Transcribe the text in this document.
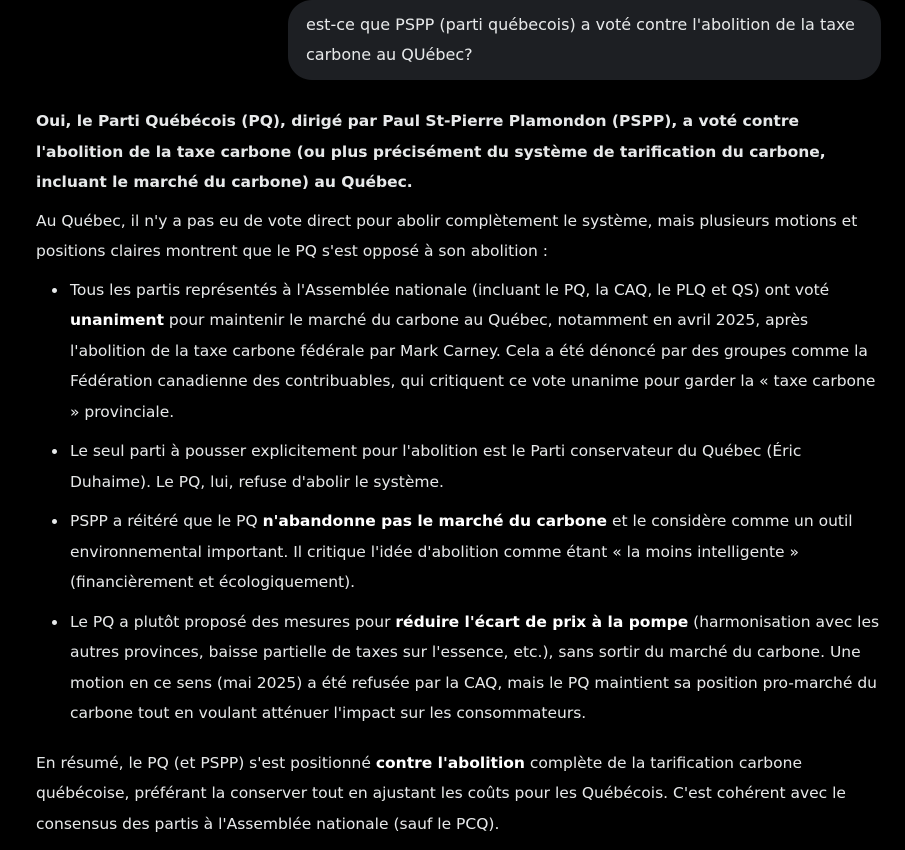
est-ce que PSPP (parti québecois) a voté contre l'abolition de la taxe carbone au QUébec?

Oui, le Parti Québécois (PQ), dirigé par Paul St-Pierre Plamondon (PSPP), a voté contre l'abolition de la taxe carbone (ou plus précisément du système de tarification du carbone, incluant le marché du carbone) au Québec.

Au Québec, il n'y a pas eu de vote direct pour abolir complètement le système, mais plusieurs motions et positions claires montrent que le PQ s'est opposé à son abolition :

Tous les partis représentés à l'Assemblée nationale (incluant le PQ, la CAQ, le PLQ et QS) ont voté unaniment pour maintenir le marché du carbone au Québec, notamment en avril 2025, après l'abolition de la taxe carbone fédérale par Mark Carney. Cela a été dénoncé par des groupes comme la Fédération canadienne des contribuables, qui critiquent ce vote unanime pour garder la « taxe carbone » provinciale.
Le seul parti à pousser explicitement pour l'abolition est le Parti conservateur du Québec (Éric Duhaime). Le PQ, lui, refuse d'abolir le système.
PSPP a réitéré que le PQ n'abandonne pas le marché du carbone et le considère comme un outil environnemental important. Il critique l'idée d'abolition comme étant « la moins intelligente » (financièrement et écologiquement).
Le PQ a plutôt proposé des mesures pour réduire l'écart de prix à la pompe (harmonisation avec les autres provinces, baisse partielle de taxes sur l'essence, etc.), sans sortir du marché du carbone. Une motion en ce sens (mai 2025) a été refusée par la CAQ, mais le PQ maintient sa position pro-marché du carbone tout en voulant atténuer l'impact sur les consommateurs.

En résumé, le PQ (et PSPP) s'est positionné contre l'abolition complète de la tarification carbone québécoise, préférant la conserver tout en ajustant les coûts pour les Québécois. C'est cohérent avec le consensus des partis à l'Assemblée nationale (sauf le PCQ).
